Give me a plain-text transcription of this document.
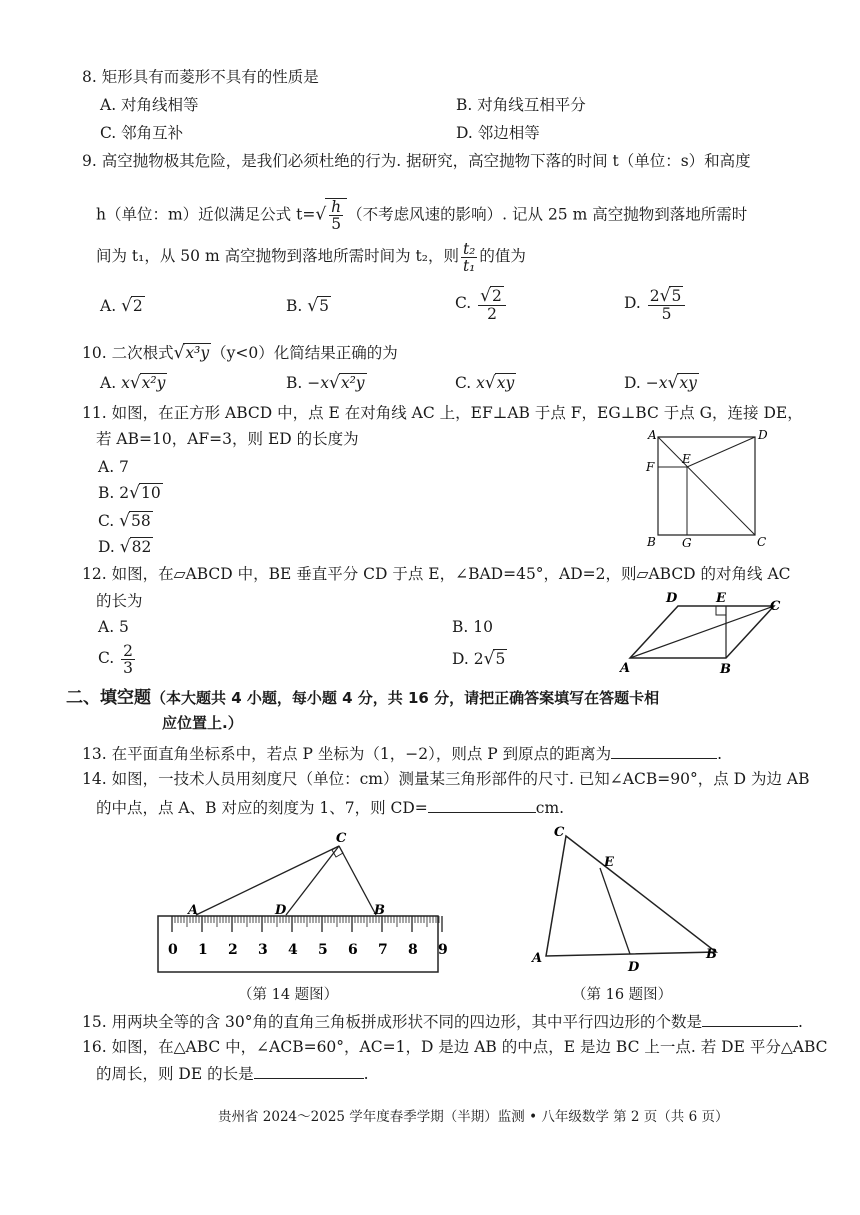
8. 矩形具有而菱形不具有的性质是
A. 对角线相等	B. 对角线互相平分
C. 邻角互补	D. 邻边相等
9. 高空抛物极其危险，是我们必须杜绝的行为. 据研究，高空抛物下落的时间 t（单位：s）和高度
h（单位：m）近似满足公式 $t=√ \frac{h}{5}$ （不考虑风速的影响）. 记从 25 m 高空抛物到落地所需时
间为 t₁，从 50 m 高空抛物到落地所需时间为 t₂，则 $\frac{\text{t₂}}{\text{t₁}}$ 的值为
A. √2	B. √5	C. $\frac{√2}{2}$	D. $\frac{2√5}{5}$
10. 二次根式√x³y （y<0）化简结果正确的为
A. x√x²y	B. −x√x²y	C. x√xy	D. −x√xy
11. 如图，在正方形 ABCD 中，点 E 在对角线 AC 上，EF⊥AB 于点 F，EG⊥BC 于点 G，连接 DE，
若 AB=10，AF=3，则 ED 的长度为
A. 7
B. 2√10
C. √58
D. √82
A	D
F
E
B G	C
12. 如图，在▱ABCD 中，BE 垂直平分 CD 于点 E，∠BAD=45°，AD=2，则▱ABCD 的对角线 AC
的长为
A. 5	B. 10
C. $\frac{2}{3}$	D. 2√5
D	E
C
A	B
二、填空题（本大题共 4 小题，每小题 4 分，共 16 分，请把正确答案填写在答题卡相
应位置上.）
13. 在平面直角坐标系中，若点 P 坐标为（1，−2），则点 P 到原点的距离为	.
14. 如图，一技术人员用刻度尺（单位：cm）测量某三角形部件的尺寸. 已知∠ACB=90°，点 D 为边 AB
的中点，点 A、B 对应的刻度为 1、7，则 CD=	cm.
0 1 2 3 4 5 6 7 8 9
A	D	B
C
（第 14 题图）
C
E
A
D
B
（第 16 题图）
15. 用两块全等的含 30°角的直角三角板拼成形状不同的四边形，其中平行四边形的个数是	.
16. 如图，在△ABC 中，∠ACB=60°，AC=1，D 是边 AB 的中点，E 是边 BC 上一点. 若 DE 平分△ABC
的周长，则 DE 的长是	.
贵州省 2024～2025 学年度春季学期（半期）监测 • 八年级数学 第 2 页（共 6 页）
